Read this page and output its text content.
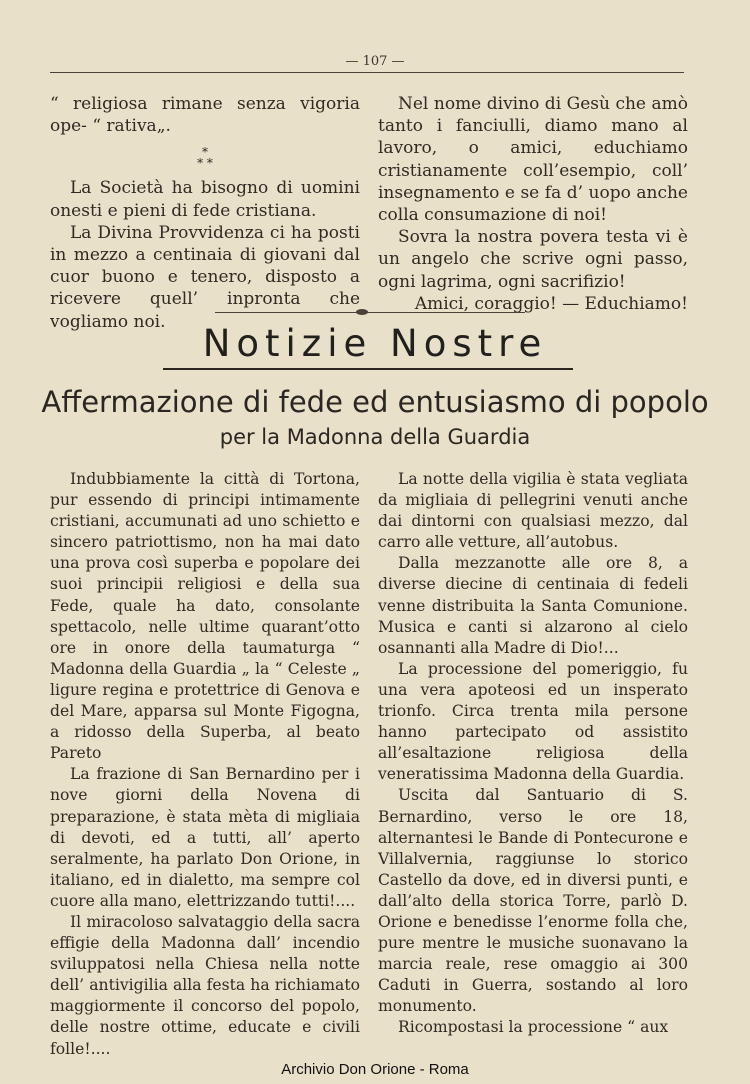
— 107 —

“ religiosa rimane senza vigoria ope- “ rativa„.

*
* *

La Società ha bisogno di uomini onesti e pieni di fede cristiana.

La Divina Provvidenza ci ha posti in mezzo a centinaia di giovani dal cuor buono e tenero, disposto a ricevere quell’ inpronta che vogliamo noi.

Nel nome divino di Gesù che amò tanto i fanciulli, diamo mano al lavoro, o amici, educhiamo cristianamente coll’esempio, coll’ insegnamento e se fa d’ uopo anche colla consumazione di noi!

Sovra la nostra povera testa vi è un angelo che scrive ogni passo, ogni lagrima, ogni sacrifizio!

Amici, coraggio! — Educhiamo!

Notizie Nostre
Affermazione di fede ed entusiasmo di popolo
per la Madonna della Guardia

Indubbiamente la città di Tortona, pur essendo di principi intimamente cristiani, accumunati ad uno schietto e sincero patriottismo, non ha mai dato una prova così superba e popolare dei suoi principii religiosi e della sua Fede, quale ha dato, consolante spettacolo, nelle ultime quarant’otto ore in onore della taumaturga “ Madonna della Guardia „ la “ Celeste „ ligure regina e protettrice di Genova e del Mare, apparsa sul Monte Figogna, a ridosso della Superba, al beato Pareto

La frazione di San Bernardino per i nove giorni della Novena di preparazione, è stata mèta di migliaia di devoti, ed a tutti, all’ aperto seralmente, ha parlato Don Orione, in italiano, ed in dialetto, ma sempre col cuore alla mano, elettrizzando tutti!....

Il miracoloso salvataggio della sacra effigie della Madonna dall’ incendio sviluppatosi nella Chiesa nella notte dell’ antivigilia alla festa ha richiamato maggiormente il concorso del popolo, delle nostre ottime, educate e civili folle!....

La notte della vigilia è stata vegliata da migliaia di pellegrini venuti anche dai dintorni con qualsiasi mezzo, dal carro alle vetture, all’autobus.

Dalla mezzanotte alle ore 8, a diverse diecine di centinaia di fedeli venne distribuita la Santa Comunione. Musica e canti si alzarono al cielo osannanti alla Madre di Dio!...

La processione del pomeriggio, fu una vera apoteosi ed un insperato trionfo. Circa trenta mila persone hanno partecipato od assistito all’esaltazione religiosa della veneratissima Madonna della Guardia.

Uscita dal Santuario di S. Bernardino, verso le ore 18, alternantesi le Bande di Pontecurone e Villalvernia, raggiunse lo storico Castello da dove, ed in diversi punti, e dall’alto della storica Torre, parlò D. Orione e benedisse l’enorme folla che, pure mentre le musiche suonavano la marcia reale, rese omaggio ai 300 Caduti in Guerra, sostando al loro monumento.

Ricompostasi la processione “ aux

Archivio Don Orione - Roma
